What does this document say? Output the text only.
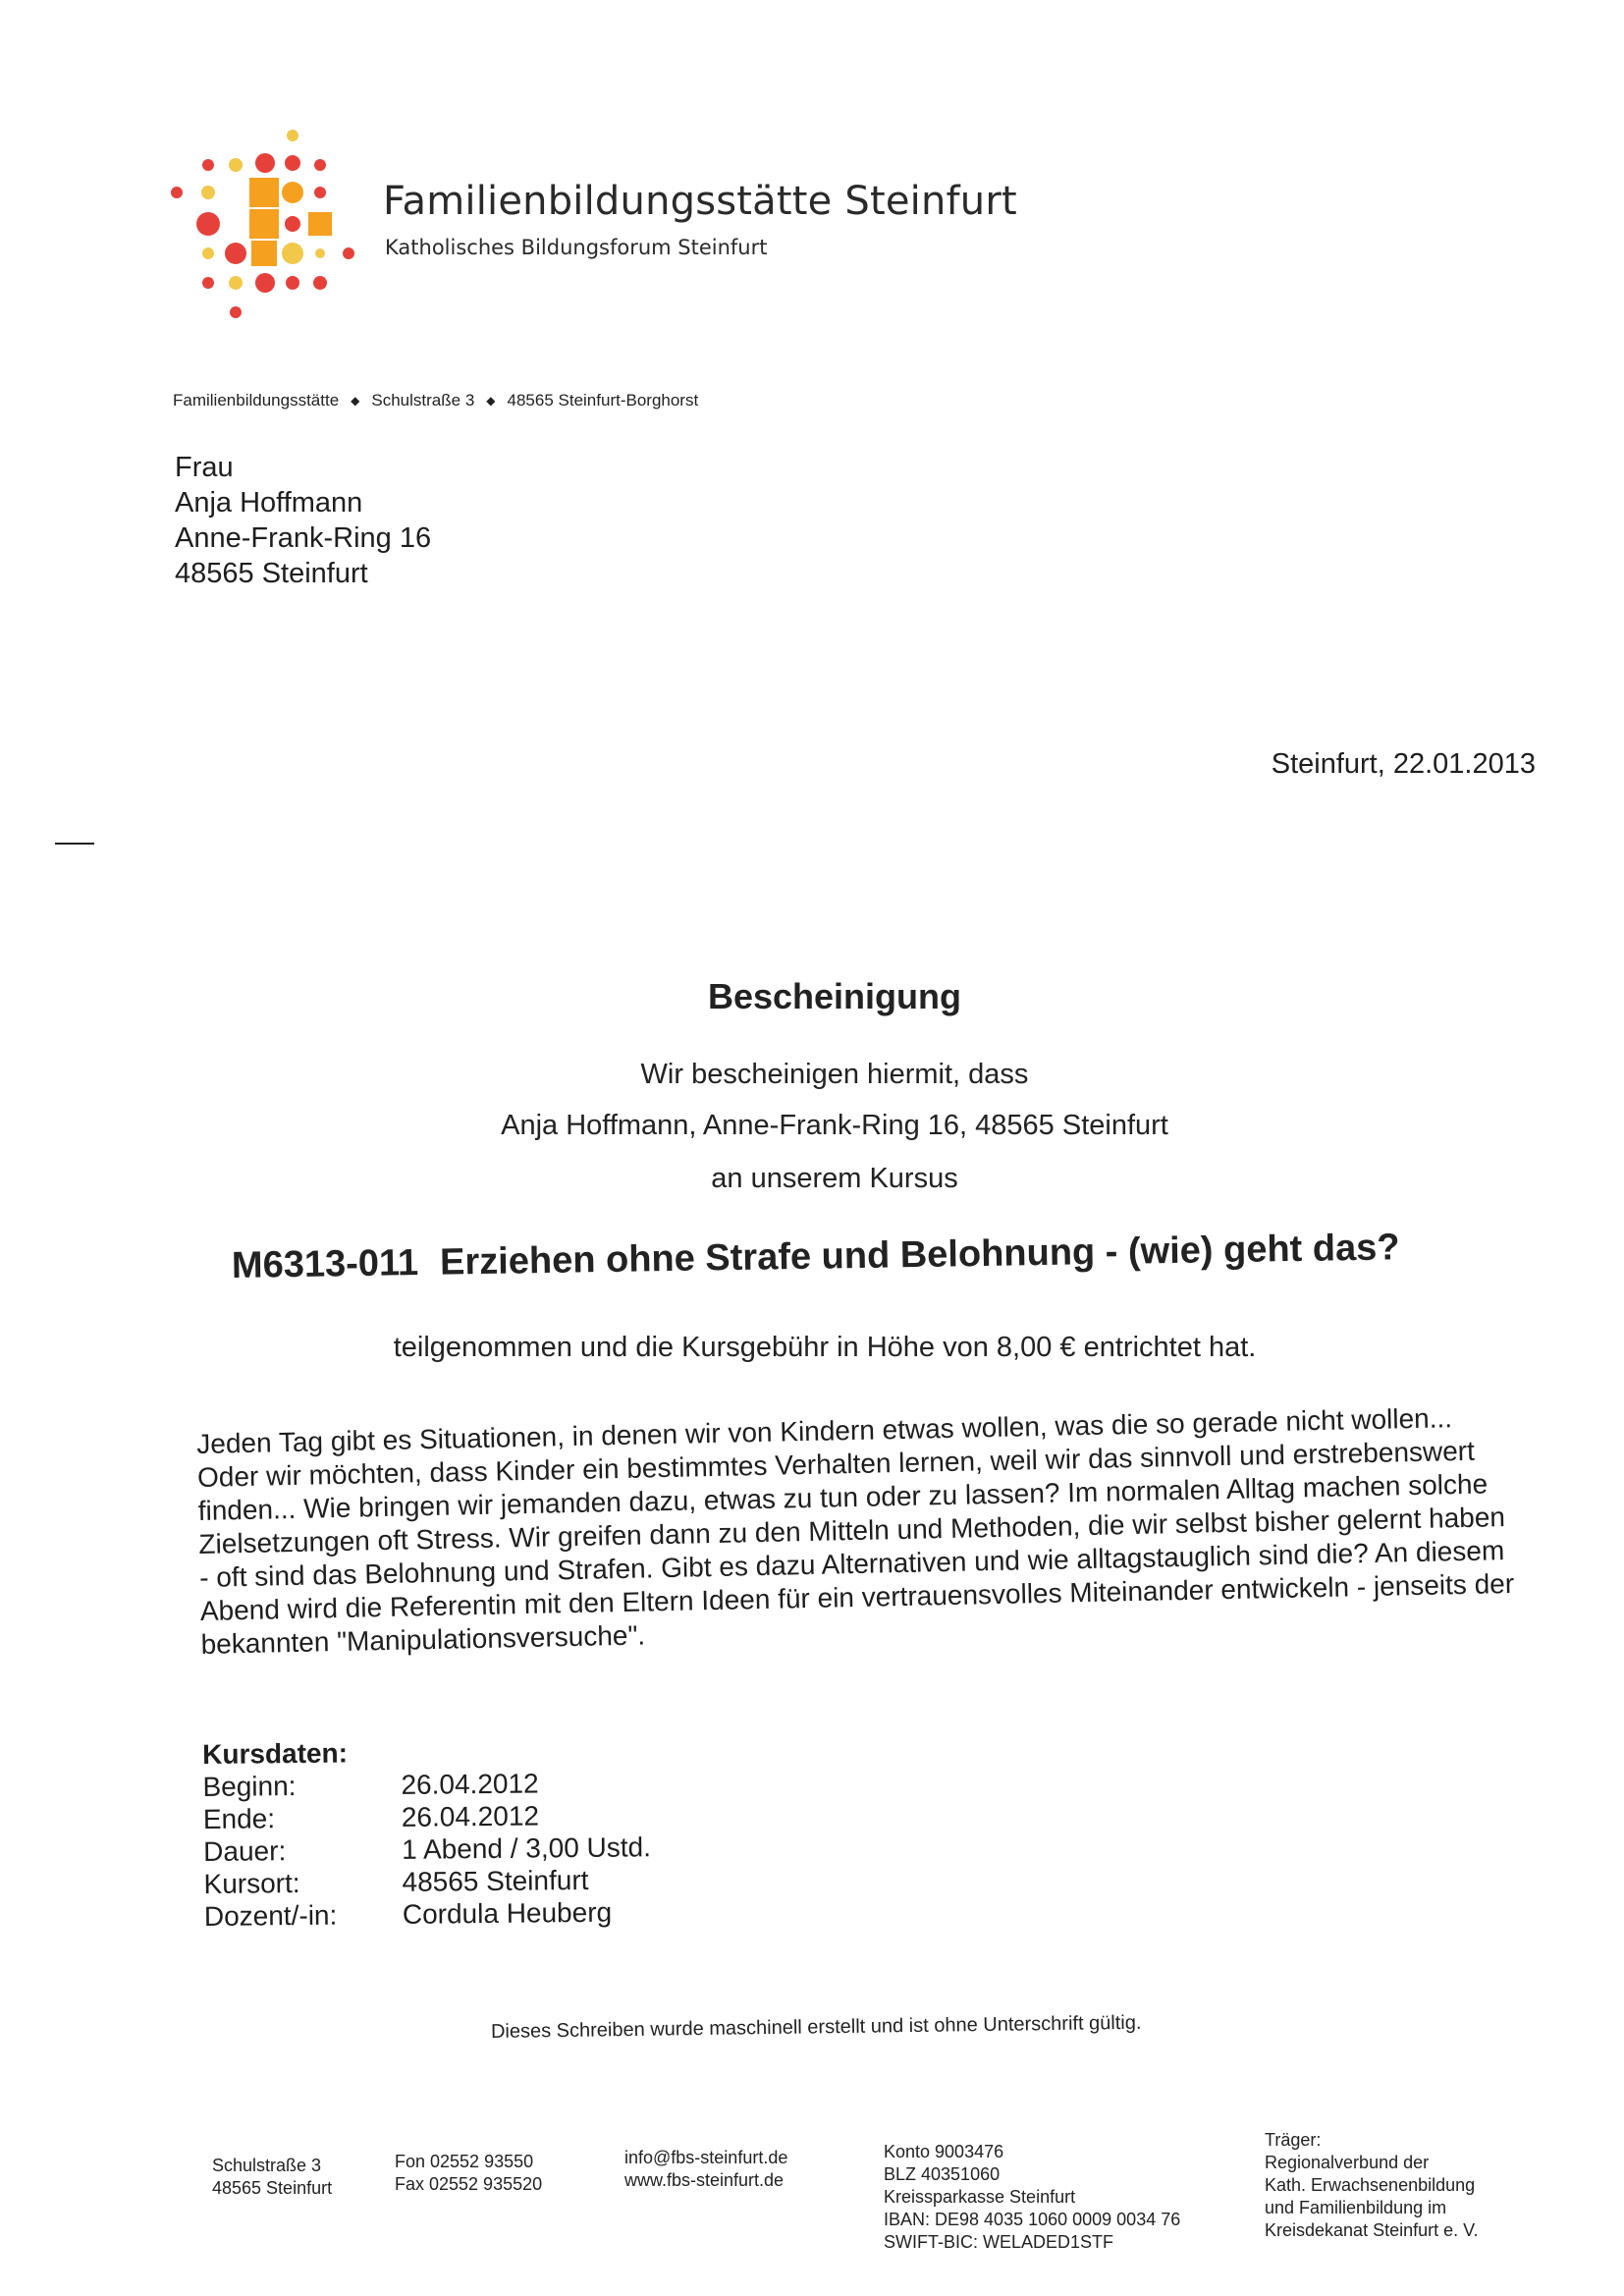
Familienbildungsstätte Steinfurt
Katholisches Bildungsforum Steinfurt
Familienbildungsstätte ◆ Schulstraße 3 ◆ 48565 Steinfurt-Borghorst
Frau
Anja Hoffmann
Anne-Frank-Ring 16
48565 Steinfurt
Steinfurt, 22.01.2013
Bescheinigung
Wir bescheinigen hiermit, dass
Anja Hoffmann, Anne-Frank-Ring 16, 48565 Steinfurt
an unserem Kursus
M6313-011 Erziehen ohne Strafe und Belohnung - (wie) geht das?
teilgenommen und die Kursgebühr in Höhe von 8,00 € entrichtet hat.
Jeden Tag gibt es Situationen, in denen wir von Kindern etwas wollen, was die so gerade nicht wollen... Oder wir möchten, dass Kinder ein bestimmtes Verhalten lernen, weil wir das sinnvoll und erstrebenswert finden... Wie bringen wir jemanden dazu, etwas zu tun oder zu lassen? Im normalen Alltag machen solche Zielsetzungen oft Stress. Wir greifen dann zu den Mitteln und Methoden, die wir selbst bisher gelernt haben - oft sind das Belohnung und Strafen. Gibt es dazu Alternativen und wie alltagstauglich sind die? An diesem Abend wird die Referentin mit den Eltern Ideen für ein vertrauensvolles Miteinander entwickeln - jenseits der bekannten "Manipulationsversuche".
Kursdaten:
Beginn:	26.04.2012
Ende:	26.04.2012
Dauer:	1 Abend / 3,00 Ustd.
Kursort:	48565 Steinfurt
Dozent/-in:	Cordula Heuberg
Dieses Schreiben wurde maschinell erstellt und ist ohne Unterschrift gültig.
Schulstraße 3
48565 Steinfurt
Fon 02552 93550
Fax 02552 935520
info@fbs-steinfurt.de
www.fbs-steinfurt.de
Konto 9003476
BLZ 40351060
Kreissparkasse Steinfurt
IBAN: DE98 4035 1060 0009 0034 76
SWIFT-BIC: WELADED1STF
Träger:
Regionalverbund der
Kath. Erwachsenenbildung
und Familienbildung im
Kreisdekanat Steinfurt e. V.
